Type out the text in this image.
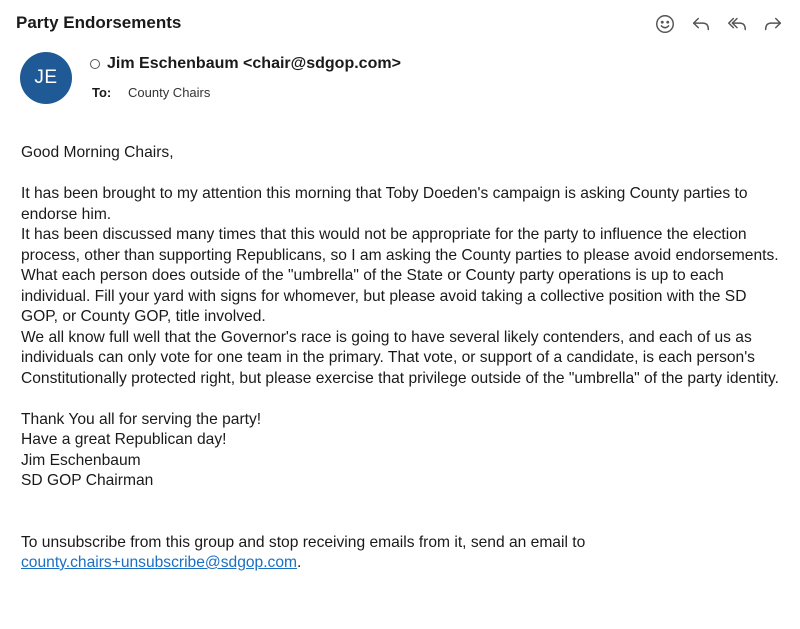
Party Endorsements
JE
Jim Eschenbaum <chair@sdgop.com>
To:	County Chairs

Good Morning Chairs,

It has been brought to my attention this morning that Toby Doeden's campaign is asking County parties to endorse him.

It has been discussed many times that this would not be appropriate for the party to influence the election process, other than supporting Republicans, so I am asking the County parties to please avoid endorsements.

What each person does outside of the "umbrella" of the State or County party operations is up to each individual. Fill your yard with signs for whomever, but please avoid taking a collective position with the SD GOP, or County GOP, title involved.

We all know full well that the Governor's race is going to have several likely contenders, and each of us as individuals can only vote for one team in the primary. That vote, or support of a candidate, is each person's Constitutionally protected right, but please exercise that privilege outside of the "umbrella" of the party identity.

Thank You all for serving the party!

Have a great Republican day!

Jim Eschenbaum

SD GOP Chairman

To unsubscribe from this group and stop receiving emails from it, send an email to
county.chairs+unsubscribe@sdgop.com.
